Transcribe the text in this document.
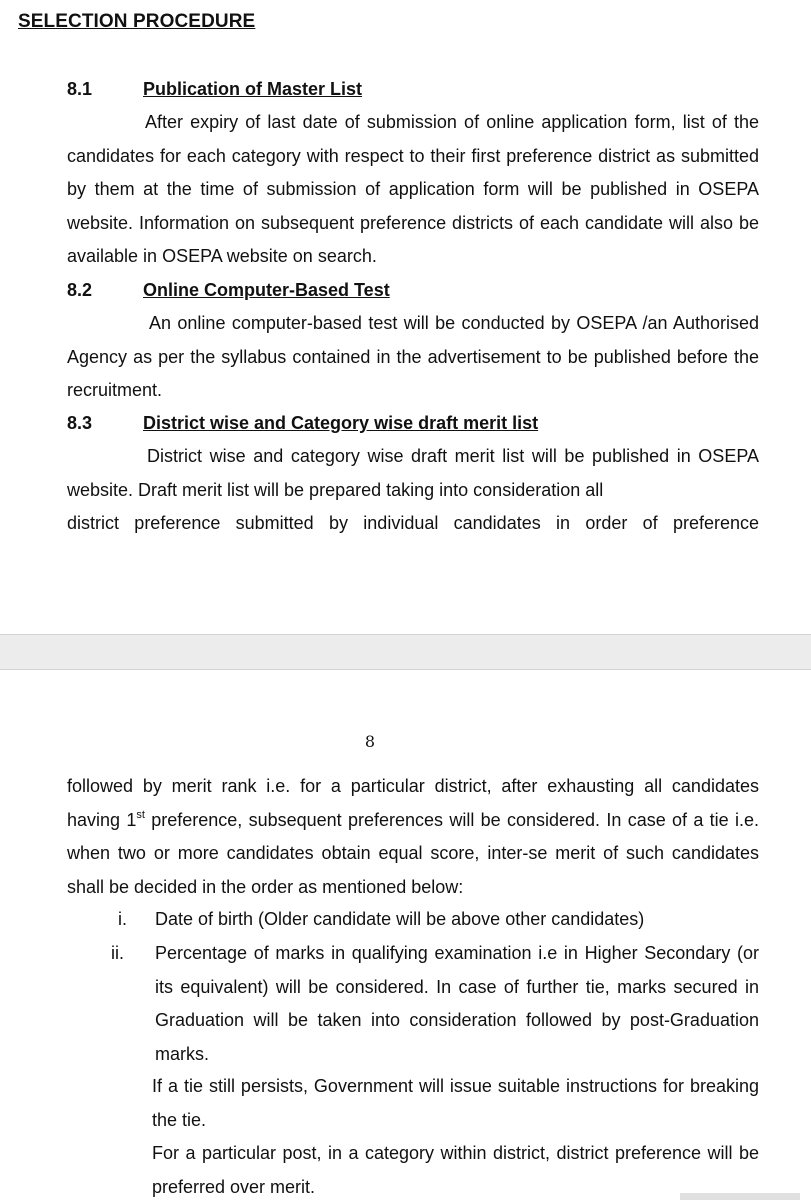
SELECTION PROCEDURE
8.1	Publication of Master List
After expiry of last date of submission of online application form, list of the candidates for each category with respect to their first preference district as submitted by them at the time of submission of application form will be published in OSEPA website. Information on subsequent preference districts of each candidate will also be available in OSEPA website on search.
8.2	Online Computer-Based Test
An online computer-based test will be conducted by OSEPA /an Authorised Agency as per the syllabus contained in the advertisement to be published before the recruitment.
8.3	District wise and Category wise draft merit list
District wise and category wise draft merit list will be published in OSEPA website. Draft merit list will be prepared taking into consideration all
district preference submitted by individual candidates in order of preference
8
followed by merit rank i.e. for a particular district, after exhausting all candidates having 1st preference, subsequent preferences will be considered. In case of a tie i.e. when two or more candidates obtain equal score, inter-se merit of such candidates shall be decided in the order as mentioned below:
i. Date of birth (Older candidate will be above other candidates)
ii. Percentage of marks in qualifying examination i.e in Higher Secondary (or its equivalent) will be considered. In case of further tie, marks secured in Graduation will be taken into consideration followed by post-Graduation marks.
If a tie still persists, Government will issue suitable instructions for breaking the tie.
For a particular post, in a category within district, district preference will be preferred over merit.
